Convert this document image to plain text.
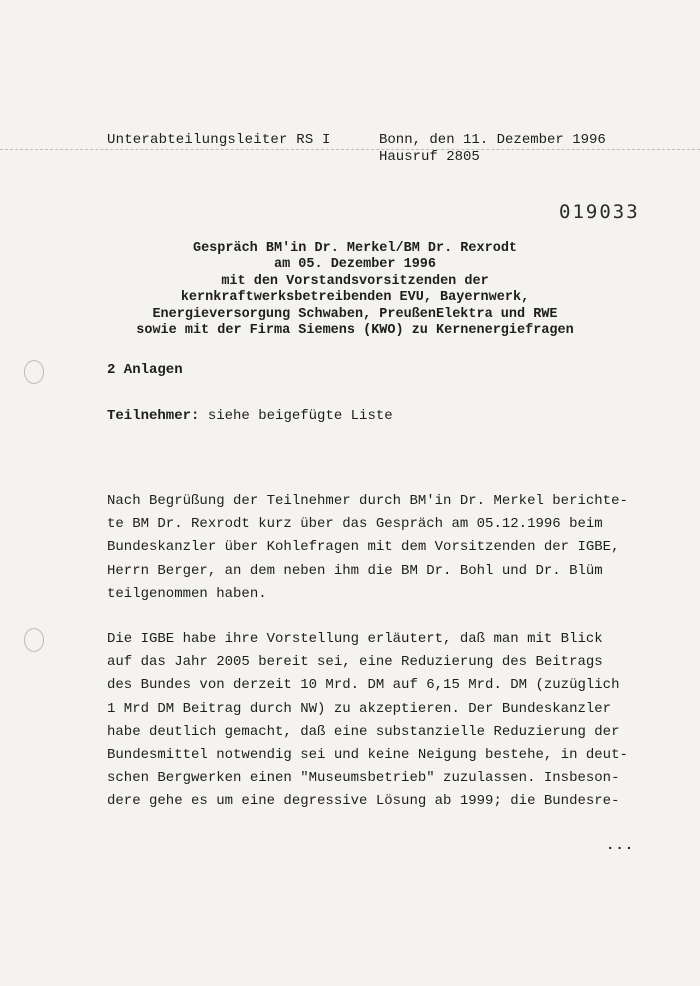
Unterabteilungsleiter RS I	Bonn, den 11. Dezember 1996
Hausruf 2805
019033
Gespräch BM'in Dr. Merkel/BM Dr. Rexrodt
am 05. Dezember 1996
mit den Vorstandsvorsitzenden der
kernkraftwerksbetreibenden EVU, Bayernwerk,
Energieversorgung Schwaben, PreußenElektra und RWE
sowie mit der Firma Siemens (KWO) zu Kernenergiefragen
2 Anlagen
Teilnehmer: siehe beigefügte Liste
Nach Begrüßung der Teilnehmer durch BM'in Dr. Merkel berichte-
te BM Dr. Rexrodt kurz über das Gespräch am 05.12.1996 beim
Bundeskanzler über Kohlefragen mit dem Vorsitzenden der IGBE,
Herrn Berger, an dem neben ihm die BM Dr. Bohl und Dr. Blüm
teilgenommen haben.
Die IGBE habe ihre Vorstellung erläutert, daß man mit Blick
auf das Jahr 2005 bereit sei, eine Reduzierung des Beitrags
des Bundes von derzeit 10 Mrd. DM auf 6,15 Mrd. DM (zuzüglich
1 Mrd DM Beitrag durch NW) zu akzeptieren. Der Bundeskanzler
habe deutlich gemacht, daß eine substanzielle Reduzierung der
Bundesmittel notwendig sei und keine Neigung bestehe, in deut-
schen Bergwerken einen "Museumsbetrieb" zuzulassen. Insbeson-
dere gehe es um eine degressive Lösung ab 1999; die Bundesre-
...
